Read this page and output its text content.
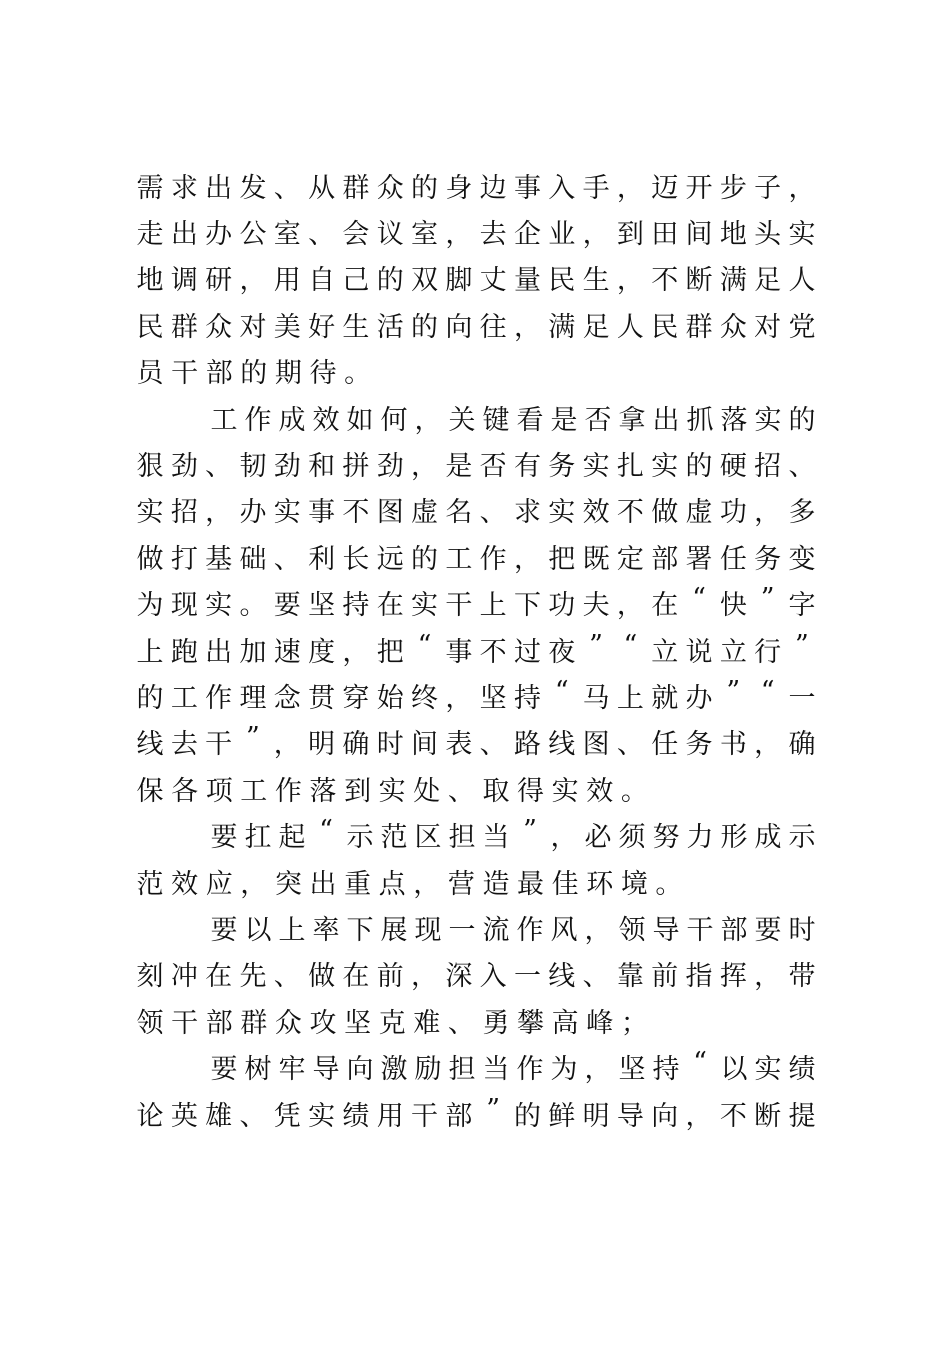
需 求 出 发 、 从 群 众 的 身 边 事 入 手 ， 迈 开 步 子 ，
走 出 办 公 室 、 会 议 室 ， 去 企 业 ， 到 田 间 地 头 实
地 调 研 ， 用 自 己 的 双 脚 丈 量 民 生 ， 不 断 满 足 人
民 群 众 对 美 好 生 活 的 向 往 ， 满 足 人 民 群 众 对 党
员 干 部 的 期 待 。
工 作 成 效 如 何 ， 关 键 看 是 否 拿 出 抓 落 实 的
狠 劲 、 韧 劲 和 拼 劲 ， 是 否 有 务 实 扎 实 的 硬 招 、
实 招 ， 办 实 事 不 图 虚 名 、 求 实 效 不 做 虚 功 ， 多
做 打 基 础 、 利 长 远 的 工 作 ， 把 既 定 部 署 任 务 变
为 现 实 。 要 坚 持 在 实 干 上 下 功 夫 ， 在 “ 快 ” 字
上 跑 出 加 速 度 ， 把 “ 事 不 过 夜 ” “ 立 说 立 行 ”
的 工 作 理 念 贯 穿 始 终 ， 坚 持 “ 马 上 就 办 ” “ 一
线 去 干 ” ， 明 确 时 间 表 、 路 线 图 、 任 务 书 ， 确
保 各 项 工 作 落 到 实 处 、 取 得 实 效 。
要 扛 起 “ 示 范 区 担 当 ” ， 必 须 努 力 形 成 示
范 效 应 ， 突 出 重 点 ， 营 造 最 佳 环 境 。
要 以 上 率 下 展 现 一 流 作 风 ， 领 导 干 部 要 时
刻 冲 在 先 、 做 在 前 ， 深 入 一 线 、 靠 前 指 挥 ， 带
领 干 部 群 众 攻 坚 克 难 、 勇 攀 高 峰 ；
要 树 牢 导 向 激 励 担 当 作 为 ， 坚 持 “ 以 实 绩
论 英 雄 、 凭 实 绩 用 干 部 ” 的 鲜 明 导 向 ， 不 断 提
